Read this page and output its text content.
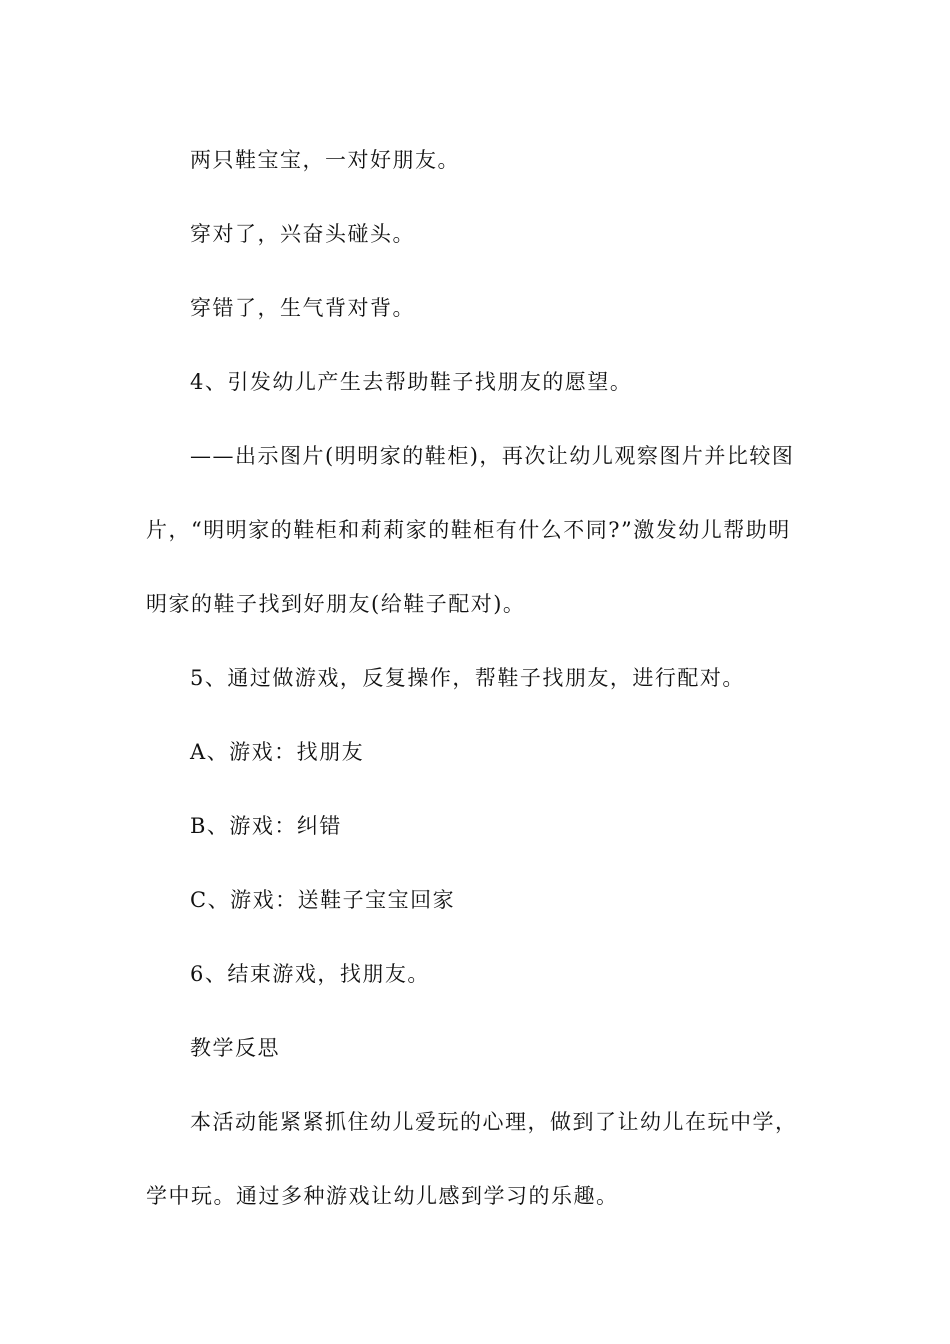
两只鞋宝宝，一对好朋友。

穿对了，兴奋头碰头。

穿错了，生气背对背。

4、引发幼儿产生去帮助鞋子找朋友的愿望。

——出示图片(明明家的鞋柜)，再次让幼儿观察图片并比较图片，“明明家的鞋柜和莉莉家的鞋柜有什么不同?”激发幼儿帮助明明家的鞋子找到好朋友(给鞋子配对)。

5、通过做游戏，反复操作，帮鞋子找朋友，进行配对。

A、游戏：找朋友

B、游戏：纠错

C、游戏：送鞋子宝宝回家

6、结束游戏，找朋友。

教学反思

本活动能紧紧抓住幼儿爱玩的心理，做到了让幼儿在玩中学，学中玩。通过多种游戏让幼儿感到学习的乐趣。
